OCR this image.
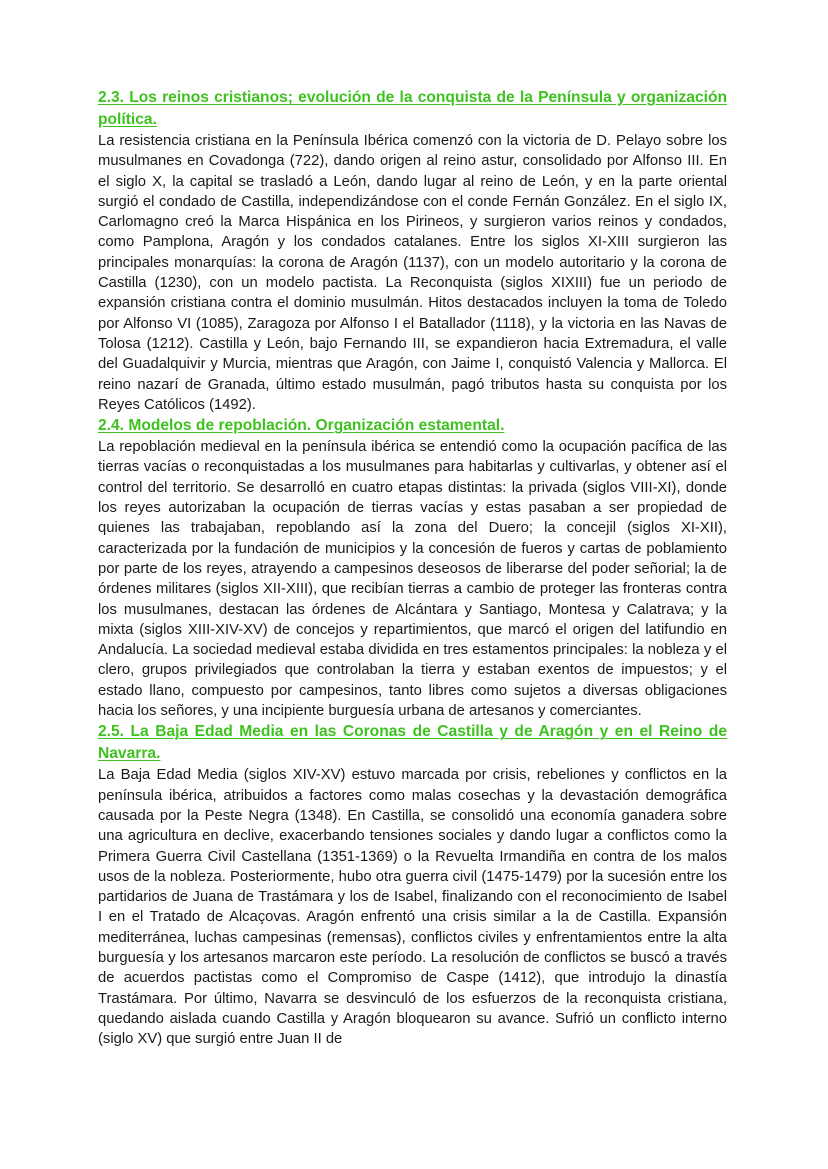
2.3. Los reinos cristianos; evolución de la conquista de la Península y organización política.

La resistencia cristiana en la Península Ibérica comenzó con la victoria de D. Pelayo sobre los musulmanes en Covadonga (722), dando origen al reino astur, consolidado por Alfonso III. En el siglo X, la capital se trasladó a León, dando lugar al reino de León, y en la parte oriental surgió el condado de Castilla, independizándose con el conde Fernán González. En el siglo IX, Carlomagno creó la Marca Hispánica en los Pirineos, y surgieron varios reinos y condados, como Pamplona, Aragón y los condados catalanes. Entre los siglos XI-XIII surgieron las principales monarquías: la corona de Aragón (1137), con un modelo autoritario y la corona de Castilla (1230), con un modelo pactista. La Reconquista (siglos XIXIII) fue un periodo de expansión cristiana contra el dominio musulmán. Hitos destacados incluyen la toma de Toledo por Alfonso VI (1085), Zaragoza por Alfonso I el Batallador (1118), y la victoria en las Navas de Tolosa (1212). Castilla y León, bajo Fernando III, se expandieron hacia Extremadura, el valle del Guadalquivir y Murcia, mientras que Aragón, con Jaime I, conquistó Valencia y Mallorca. El reino nazarí de Granada, último estado musulmán, pagó tributos hasta su conquista por los Reyes Católicos (1492).

2.4. Modelos de repoblación. Organización estamental.

La repoblación medieval en la península ibérica se entendió como la ocupación pacífica de las tierras vacías o reconquistadas a los musulmanes para habitarlas y cultivarlas, y obtener así el control del territorio. Se desarrolló en cuatro etapas distintas: la privada (siglos VIII-XI), donde los reyes autorizaban la ocupación de tierras vacías y estas pasaban a ser propiedad de quienes las trabajaban, repoblando así la zona del Duero; la concejil (siglos XI-XII), caracterizada por la fundación de municipios y la concesión de fueros y cartas de poblamiento por parte de los reyes, atrayendo a campesinos deseosos de liberarse del poder señorial; la de órdenes militares (siglos XII-XIII), que recibían tierras a cambio de proteger las fronteras contra los musulmanes, destacan las órdenes de Alcántara y Santiago, Montesa y Calatrava; y la mixta (siglos XIII-XIV-XV) de concejos y repartimientos, que marcó el origen del latifundio en Andalucía. La sociedad medieval estaba dividida en tres estamentos principales: la nobleza y el clero, grupos privilegiados que controlaban la tierra y estaban exentos de impuestos; y el estado llano, compuesto por campesinos, tanto libres como sujetos a diversas obligaciones hacia los señores, y una incipiente burguesía urbana de artesanos y comerciantes.

2.5. La Baja Edad Media en las Coronas de Castilla y de Aragón y en el Reino de Navarra.

La Baja Edad Media (siglos XIV-XV) estuvo marcada por crisis, rebeliones y conflictos en la península ibérica, atribuidos a factores como malas cosechas y la devastación demográfica causada por la Peste Negra (1348). En Castilla, se consolidó una economía ganadera sobre una agricultura en declive, exacerbando tensiones sociales y dando lugar a conflictos como la Primera Guerra Civil Castellana (1351-1369) o la Revuelta Irmandiña en contra de los malos usos de la nobleza. Posteriormente, hubo otra guerra civil (1475-1479) por la sucesión entre los partidarios de Juana de Trastámara y los de Isabel, finalizando con el reconocimiento de Isabel I en el Tratado de Alcaçovas. Aragón enfrentó una crisis similar a la de Castilla. Expansión mediterránea, luchas campesinas (remensas), conflictos civiles y enfrentamientos entre la alta burguesía y los artesanos marcaron este período. La resolución de conflictos se buscó a través de acuerdos pactistas como el Compromiso de Caspe (1412), que introdujo la dinastía Trastámara. Por último, Navarra se desvinculó de los esfuerzos de la reconquista cristiana, quedando aislada cuando Castilla y Aragón bloquearon su avance. Sufrió un conflicto interno (siglo XV) que surgió entre Juan II de
